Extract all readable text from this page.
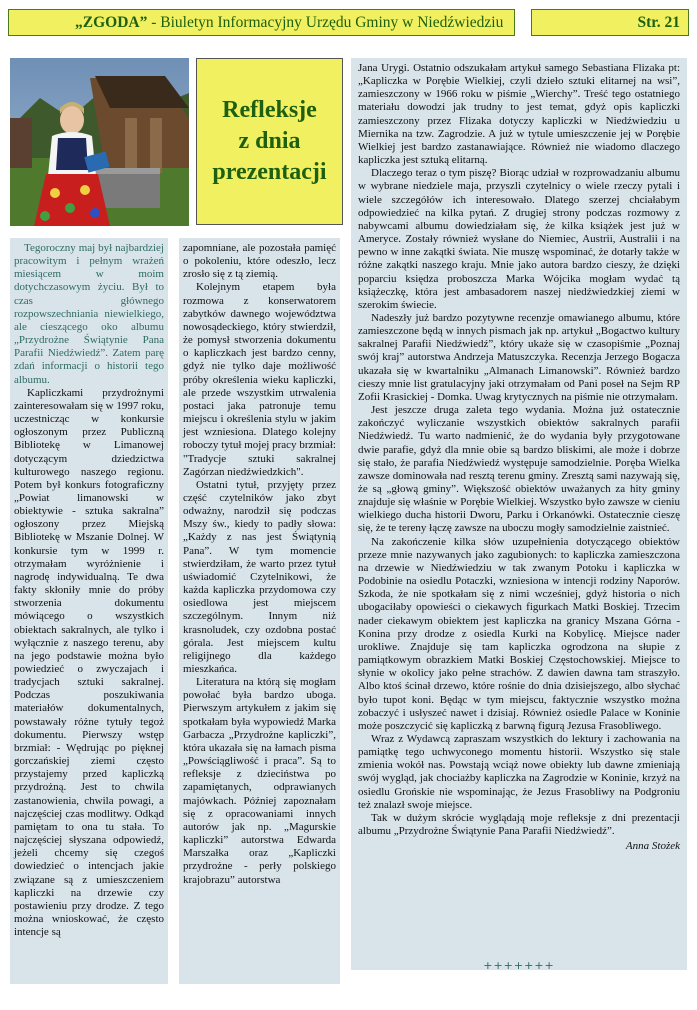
„ZGODA” - Biuletyn Informacyjny Urzędu Gminy w Niedźwiedziu	Str. 21
Refleksje
z dnia
prezentacji

Tegoroczny maj był najbardziej pracowitym i pełnym wrażeń miesiącem w moim dotychczasowym życiu. Był to czas głównego rozpowszechniania niewielkiego, ale cieszącego oko albumu „Przydrożne Świątynie Pana Parafii Niedźwiedź”. Zatem parę zdań informacji o historii tego albumu.

Kapliczkami przydrożnymi zainteresowałam się w 1997 roku, uczestnicząc w konkursie ogłoszonym przez Publiczną Bibliotekę w Limanowej dotyczącym dziedzictwa kulturowego naszego regionu. Potem był konkurs fotograficzny „Powiat limanowski w obiektywie - sztuka sakralna” ogłoszony przez Miejską Bibliotekę w Mszanie Dolnej. W konkursie tym w 1999 r. otrzymałam wyróżnienie i nagrodę indywidualną. Te dwa fakty skłoniły mnie do próby stworzenia dokumentu mówiącego o wszystkich obiektach sakralnych, ale tylko i wyłącznie z naszego terenu, aby na jego podstawie można było powiedzieć o zwyczajach i tradycjach sztuki sakralnej. Podczas poszukiwania materiałów dokumentalnych, powstawały różne tytuły tegoż dokumentu. Pierwszy wstęp brzmiał: - Wędrując po pięknej gorczańskiej ziemi często przystajemy przed kapliczką przydrożną. Jest to chwila zastanowienia, chwila powagi, a najczęściej czas modlitwy. Odkąd pamiętam to ona tu stała. To najczęściej słyszana odpowiedź, jeżeli chcemy się czegoś dowiedzieć o intencjach jakie związane są z umieszczeniem kapliczki na drzewie czy postawieniu przy drodze. Z tego można wnioskować, że często intencje są

zapomniane, ale pozostała pamięć o pokoleniu, które odeszło, lecz zrosło się z tą ziemią.

Kolejnym etapem była rozmowa z konserwatorem zabytków dawnego województwa nowosądeckiego, który stwierdził, że pomysł stworzenia dokumentu o kapliczkach jest bardzo cenny, gdyż nie tylko daje możliwość próby określenia wieku kapliczki, ale przede wszystkim utrwalenia postaci jaka patronuje temu miejscu i określenia stylu w jakim jest wzniesiona. Dlatego kolejny roboczy tytuł mojej pracy brzmiał: "Tradycje sztuki sakralnej Zagórzan niedźwiedzkich".

Ostatni tytuł, przyjęty przez część czytelników jako zbyt odważny, narodził się podczas Mszy św., kiedy to padły słowa: „Każdy z nas jest Świątynią Pana”. W tym momencie stwierdziłam, że warto przez tytuł uświadomić Czytelnikowi, że każda kapliczka przydomowa czy osiedlowa jest miejscem szczególnym. Innym niż krasnoludek, czy ozdobna postać górala. Jest miejscem kultu religijnego dla każdego mieszkańca.

Literatura na którą się mogłam powołać była bardzo uboga. Pierwszym artykułem z jakim się spotkałam była wypowiedź Marka Garbacza „Przydrożne kapliczki”, która ukazała się na łamach pisma „Powściągliwość i praca”. Są to refleksje z dzieciństwa po zapamiętanych, odprawianych majówkach. Później zapoznałam się z opracowaniami innych autorów jak np. „Magurskie kapliczki” autorstwa Edwarda Marszałka oraz „Kapliczki przydrożne - perły polskiego krajobrazu” autorstwa

Jana Urygi. Ostatnio odszukałam artykuł samego Sebastiana Flizaka pt: „Kapliczka w Porębie Wielkiej, czyli dzieło sztuki elitarnej na wsi”, zamieszczony w 1966 roku w piśmie „Wierchy”. Treść tego ostatniego materiału dowodzi jak trudny to jest temat, gdyż opis kapliczki zamieszczony przez Flizaka dotyczy kapliczki w Niedźwiedziu u Miernika na tzw. Zagrodzie. A już w tytule umieszczenie jej w Porębie Wielkiej jest bardzo zastanawiające. Również nie wiadomo dlaczego kapliczka jest sztuką elitarną.

Dlaczego teraz o tym piszę? Biorąc udział w rozprowadzaniu albumu w wybrane niedziele maja, przyszli czytelnicy o wiele rzeczy pytali i wiele szczegółów ich interesowało. Dlatego szerzej chciałabym odpowiedzieć na kilka pytań. Z drugiej strony podczas rozmowy z nabywcami albumu dowiedziałam się, że kilka książek jest już w Ameryce. Zostały również wysłane do Niemiec, Austrii, Australii i na pewno w inne zakątki świata. Nie muszę wspominać, że dotarły także w różne zakątki naszego kraju. Mnie jako autora bardzo cieszy, że dzięki poparciu księdza proboszcza Marka Wójcika mogłam wydać tą książeczkę, która jest ambasadorem naszej niedźwiedzkiej ziemi w szerokim świecie.

Nadeszły już bardzo pozytywne recenzje omawianego albumu, które zamieszczone będą w innych pismach jak np. artykuł „Bogactwo kultury sakralnej Parafii Niedźwiedź”, który ukaże się w czasopiśmie „Poznaj swój kraj” autorstwa Andrzeja Matuszczyka. Recenzja Jerzego Bogacza ukazała się w kwartalniku „Almanach Limanowski”. Również bardzo cieszy mnie list gratulacyjny jaki otrzymałam od Pani poseł na Sejm RP Zofii Krasickiej - Domka. Uwag krytycznych na piśmie nie otrzymałam.

Jest jeszcze druga zaleta tego wydania. Można już ostatecznie zakończyć wyliczanie wszystkich obiektów sakralnych parafii Niedźwiedź. Tu warto nadmienić, że do wydania były przygotowane dwie parafie, gdyż dla mnie obie są bardzo bliskimi, ale może i dobrze się stało, że parafia Niedźwiedź występuje samodzielnie. Poręba Wielka zawsze dominowała nad resztą terenu gminy. Zresztą sami nazywają się, że są „głową gminy”. Większość obiektów uważanych za hity gminy znajduje się właśnie w Porębie Wielkiej. Wszystko było zawsze w cieniu wielkiego ducha historii Dworu, Parku i Orkanówki. Ostatecznie cieszę się, że te tereny łączę zawsze na uboczu mogły samodzielnie zaistnieć.

Na zakończenie kilka słów uzupełnienia dotyczącego obiektów przeze mnie nazywanych jako zagubionych: to kapliczka zamieszczona na drzewie w Niedźwiedziu w tak zwanym Potoku i kapliczka w Podobinie na osiedlu Potaczki, wzniesiona w intencji rodziny Naporów. Szkoda, że nie spotkałam się z nimi wcześniej, gdyż historia o nich ubogaciłaby opowieści o ciekawych figurkach Matki Boskiej. Trzecim nader ciekawym obiektem jest kapliczka na granicy Mszana Górna - Konina przy drodze z osiedla Kurki na Kobylicę. Miejsce nader urokliwe. Znajduje się tam kapliczka ogrodzona na słupie z pamiątkowym obrazkiem Matki Boskiej Częstochowskiej. Miejsce to słynie w okolicy jako pełne strachów. Z dawien dawna tam straszyło. Albo ktoś ścinał drzewo, które rośnie do dnia dzisiejszego, albo słychać było tupot koni. Będąc w tym miejscu, faktycznie wszystko można zobaczyć i usłyszeć nawet i dzisiaj. Również osiedle Palace w Koninie może poszczycić się kapliczką z barwną figurą Jezusa Frasobliwego.

Wraz z Wydawcą zapraszam wszystkich do lektury i zachowania na pamiątkę tego uchwyconego momentu historii. Wszystko się stale zmienia wokół nas. Powstają wciąż nowe obiekty lub dawne zmieniają swój wygląd, jak chociażby kapliczka na Zagrodzie w Koninie, krzyż na osiedlu Grońskie nie wspominając, że Jezus Frasobliwy na Podgroniu też znalazł swoje miejsce.

Tak w dużym skrócie wyglądają moje refleksje z dni prezentacji albumu „Przydrożne Świątynie Pana Parafii Niedźwiedź”.

Anna Stożek

+++++++
